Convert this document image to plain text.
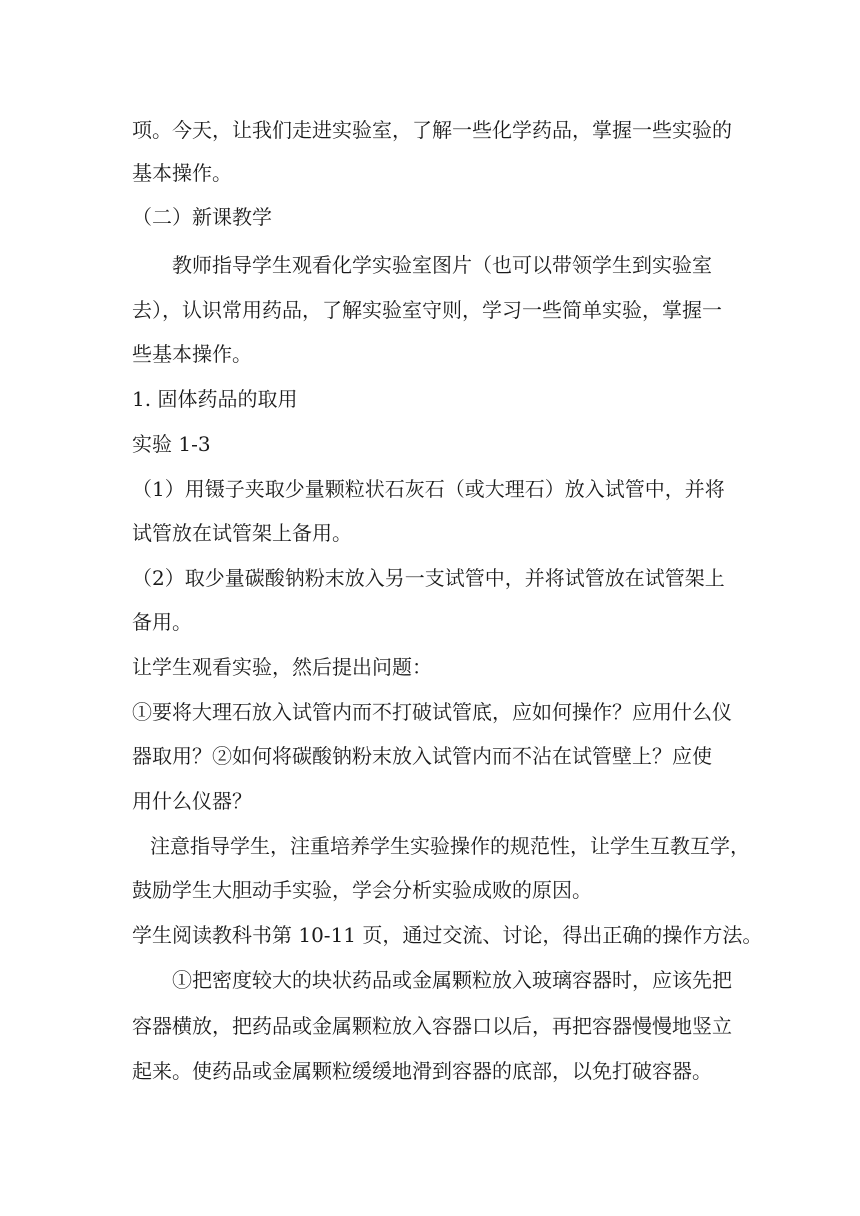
项。今天，让我们走进实验室，了解一些化学药品，掌握一些实验的
基本操作。
（二）新课教学
教师指导学生观看化学实验室图片（也可以带领学生到实验室
去），认识常用药品，了解实验室守则，学习一些简单实验，掌握一
些基本操作。
1. 固体药品的取用
实验 1-3
（1）用镊子夹取少量颗粒状石灰石（或大理石）放入试管中，并将
试管放在试管架上备用。
（2）取少量碳酸钠粉末放入另一支试管中，并将试管放在试管架上
备用。
让学生观看实验，然后提出问题：
①要将大理石放入试管内而不打破试管底，应如何操作？应用什么仪
器取用？②如何将碳酸钠粉末放入试管内而不沾在试管壁上？应使
用什么仪器？
注意指导学生，注重培养学生实验操作的规范性，让学生互教互学，
鼓励学生大胆动手实验，学会分析实验成败的原因。
学生阅读教科书第 10-11 页，通过交流、讨论，得出正确的操作方法。
①把密度较大的块状药品或金属颗粒放入玻璃容器时，应该先把
容器横放，把药品或金属颗粒放入容器口以后，再把容器慢慢地竖立
起来。使药品或金属颗粒缓缓地滑到容器的底部，以免打破容器。
